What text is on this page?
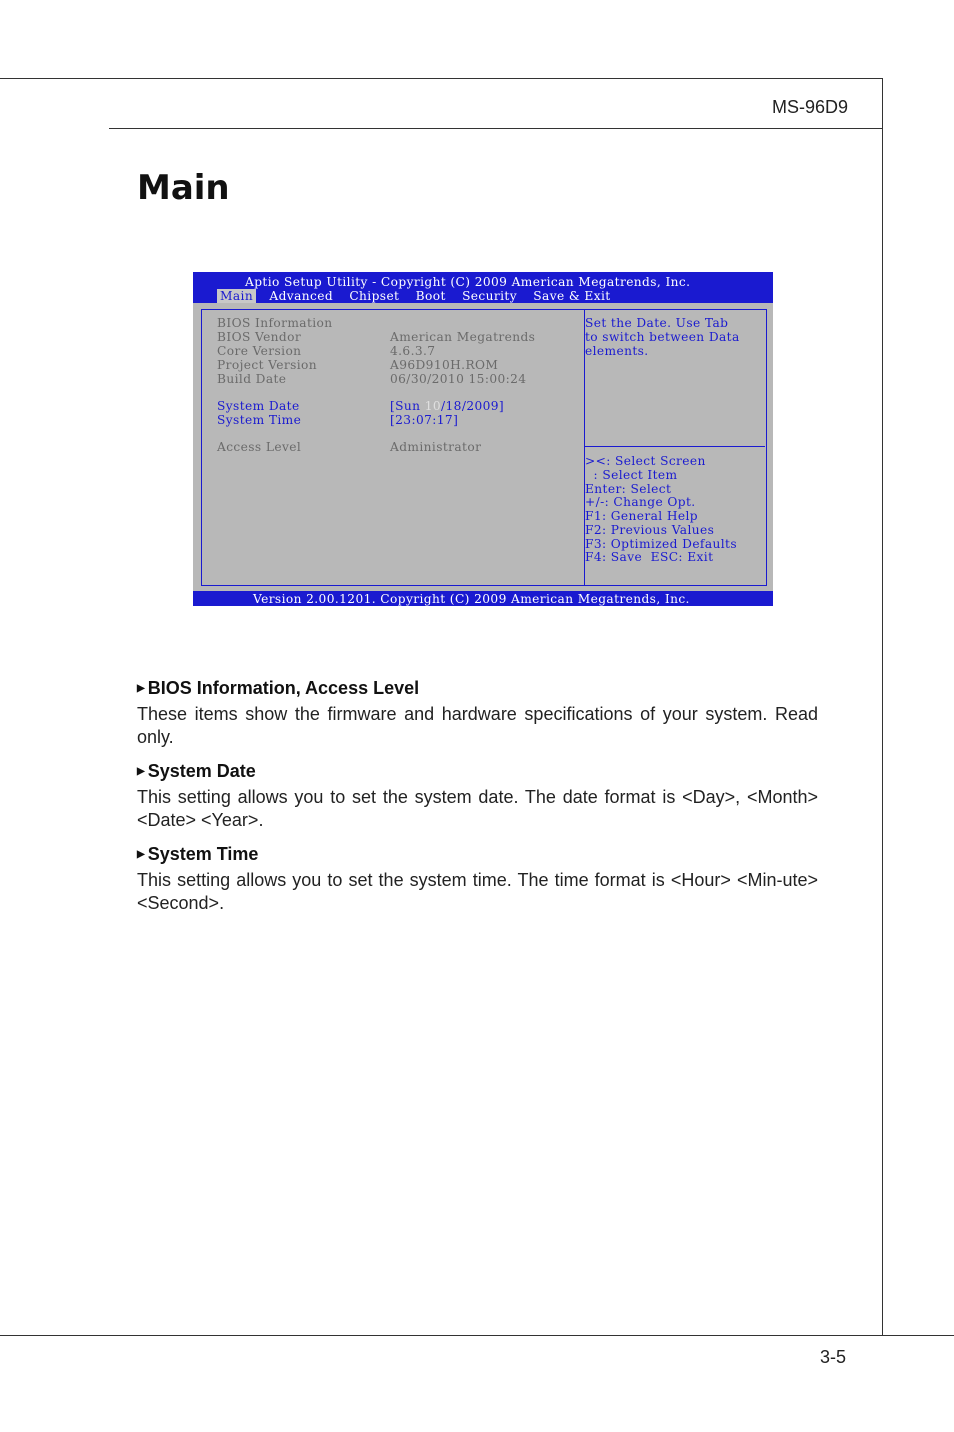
MS-96D9
Main
Aptio Setup Utility - Copyright (C) 2009 American Megatrends, Inc.
Main Advanced Chipset Boot Security Save & Exit
BIOS Information
BIOS Vendor	American Megatrends
Core Version	4.6.3.7
Project Version	A96D910H.ROM
Build Date	06/30/2010 15:00:24
System Date	[Sun 10/18/2009]
System Time	[23:07:17]
Access Level	Administrator
Set the Date. Use Tab
to switch between Data
elements.
><: Select Screen
: Select Item
Enter: Select
+/-: Change Opt.
F1: General Help
F2: Previous Values
F3: Optimized Defaults
F4: Save  ESC: Exit
Version 2.00.1201. Copyright (C) 2009 American Megatrends, Inc.
▶ BIOS Information, Access Level
These items show the firmware and hardware specifications of your system. Read only.
▶ System Date
This setting allows you to set the system date. The date format is <Day>, <Month> <Date> <Year>.
▶ System Time
This setting allows you to set the system time. The time format is <Hour> <Min-ute> <Second>.
3-5
